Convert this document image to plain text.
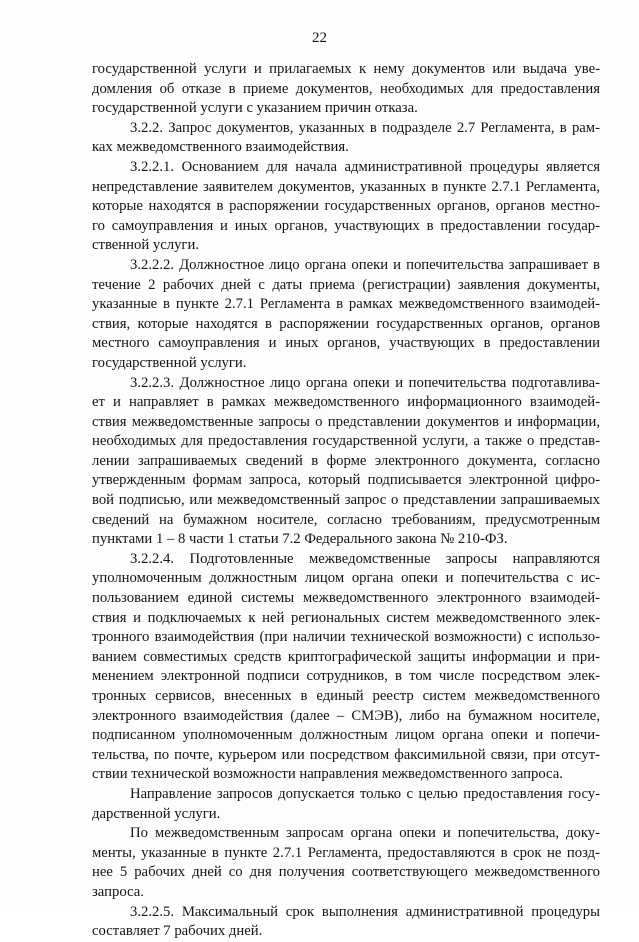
22
государственной услуги и прилагаемых к нему документов или выдача уве-
домления об отказе в приеме документов, необходимых для предоставления
государственной услуги с указанием причин отказа.
3.2.2. Запрос документов, указанных в подразделе 2.7 Регламента, в рам-
ках межведомственного взаимодействия.
3.2.2.1. Основанием для начала административной процедуры является
непредставление заявителем документов, указанных в пункте 2.7.1 Регламента,
которые находятся в распоряжении государственных органов, органов местно-
го самоуправления и иных органов, участвующих в предоставлении государ-
ственной услуги.
3.2.2.2. Должностное лицо органа опеки и попечительства запрашивает в
течение 2 рабочих дней с даты приема (регистрации) заявления документы,
указанные в пункте 2.7.1 Регламента в рамках межведомственного взаимодей-
ствия, которые находятся в распоряжении государственных органов, органов
местного самоуправления и иных органов, участвующих в предоставлении
государственной услуги.
3.2.2.3. Должностное лицо органа опеки и попечительства подготавлива-
ет и направляет в рамках межведомственного информационного взаимодей-
ствия межведомственные запросы о представлении документов и информации,
необходимых для предоставления государственной услуги, а также о представ-
лении запрашиваемых сведений в форме электронного документа, согласно
утвержденным формам запроса, который подписывается электронной цифро-
вой подписью, или межведомственный запрос о представлении запрашиваемых
сведений на бумажном носителе, согласно требованиям, предусмотренным
пунктами 1 – 8 части 1 статьи 7.2 Федерального закона № 210-ФЗ.
3.2.2.4. Подготовленные межведомственные запросы направляются
уполномоченным должностным лицом органа опеки и попечительства с ис-
пользованием единой системы межведомственного электронного взаимодей-
ствия и подключаемых к ней региональных систем межведомственного элек-
тронного взаимодействия (при наличии технической возможности) с использо-
ванием совместимых средств криптографической защиты информации и при-
менением электронной подписи сотрудников, в том числе посредством элек-
тронных сервисов, внесенных в единый реестр систем межведомственного
электронного взаимодействия (далее – СМЭВ), либо на бумажном носителе,
подписанном уполномоченным должностным лицом органа опеки и попечи-
тельства, по почте, курьером или посредством факсимильной связи, при отсут-
ствии технической возможности направления межведомственного запроса.
Направление запросов допускается только с целью предоставления госу-
дарственной услуги.
По межведомственным запросам органа опеки и попечительства, доку-
менты, указанные в пункте 2.7.1 Регламента, предоставляются в срок не позд-
нее 5 рабочих дней со дня получения соответствующего межведомственного
запроса.
3.2.2.5. Максимальный срок выполнения административной процедуры
составляет 7 рабочих дней.
